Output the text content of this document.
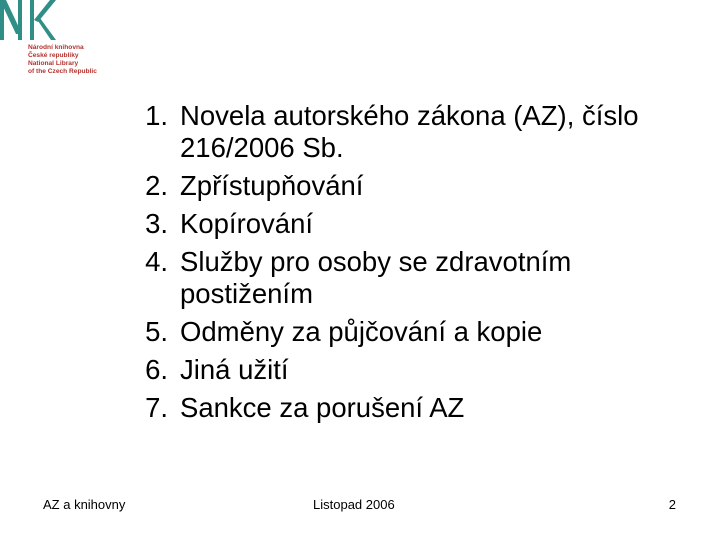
Národní knihovna
České republiky
National Library
of the Czech Republic
1. Novela autorského zákona (AZ), číslo 216/2006 Sb.
2. Zpřístupňování
3. Kopírování
4. Služby pro osoby se zdravotním postižením
5. Odměny za půjčování a kopie
6. Jiná užití
7. Sankce za porušení AZ
AZ a knihovny	Listopad 2006	2
